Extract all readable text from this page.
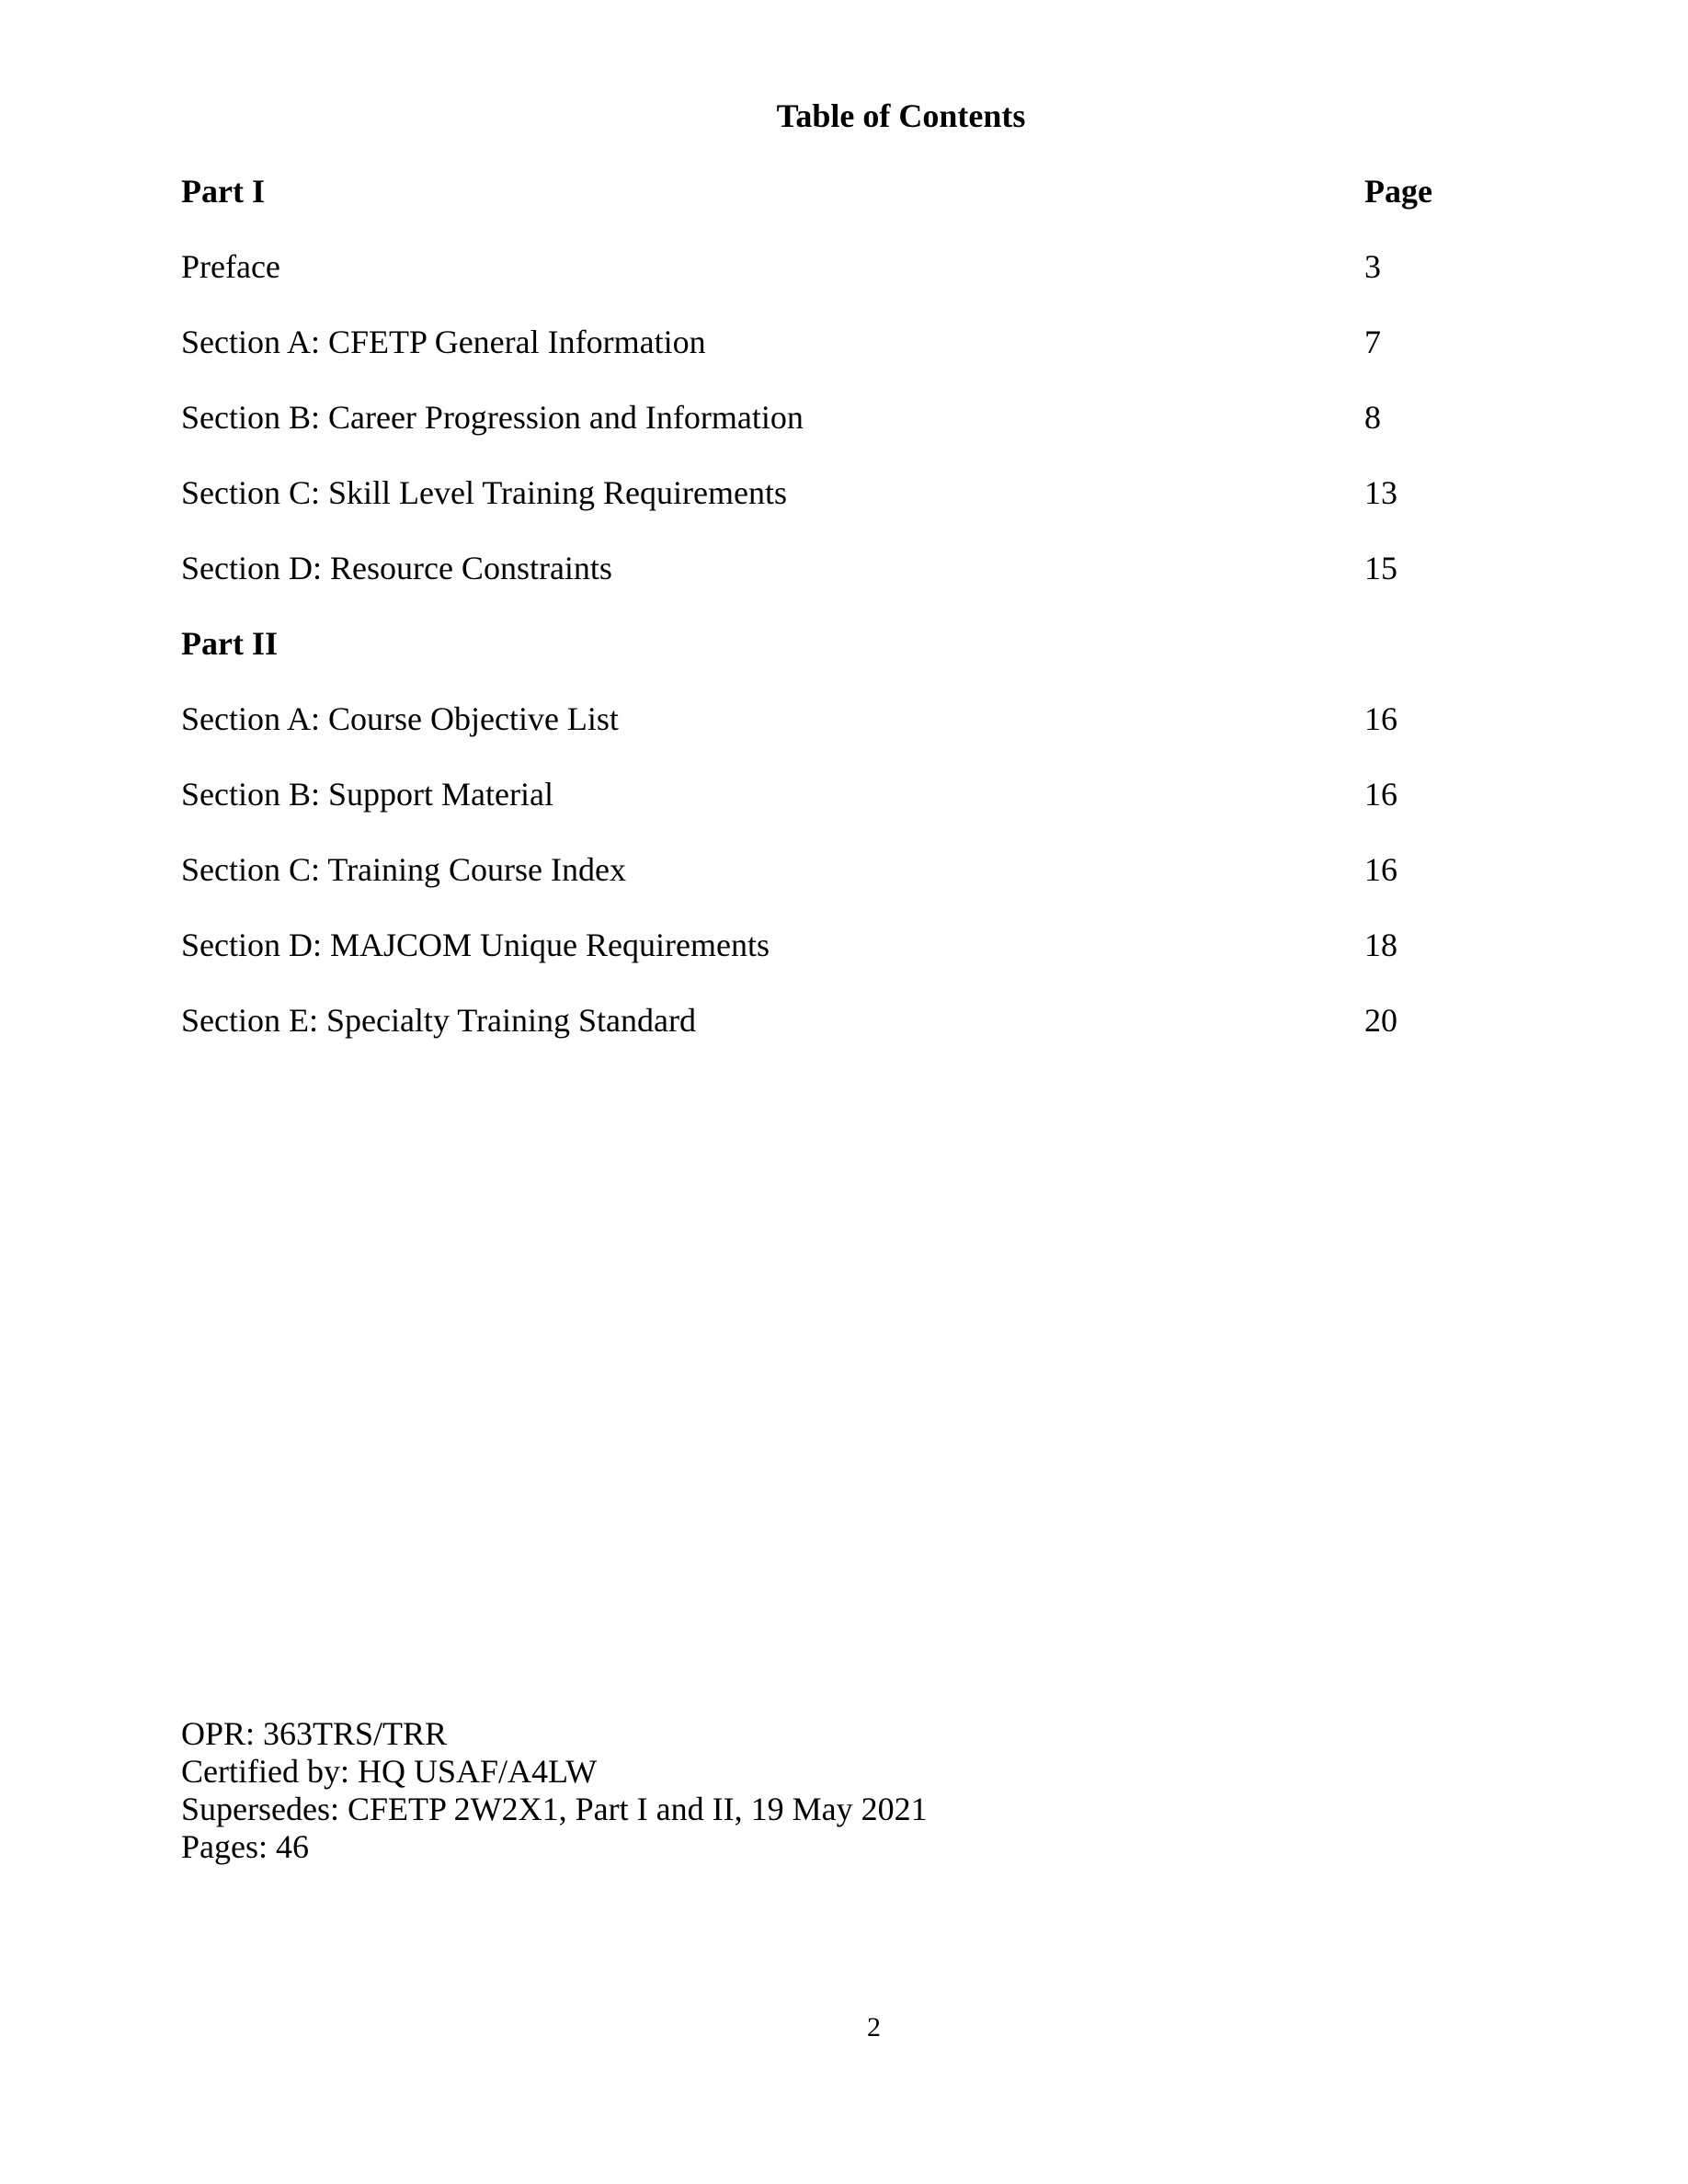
Table of Contents
Part I	Page
Preface	3
Section A: CFETP General Information	7
Section B: Career Progression and Information	8
Section C: Skill Level Training Requirements	13
Section D: Resource Constraints	15
Part II
Section A: Course Objective List	16
Section B: Support Material	16
Section C: Training Course Index	16
Section D: MAJCOM Unique Requirements	18
Section E: Specialty Training Standard	20
OPR: 363TRS/TRR
Certified by: HQ USAF/A4LW
Supersedes: CFETP 2W2X1, Part I and II, 19 May 2021
Pages: 46
2
